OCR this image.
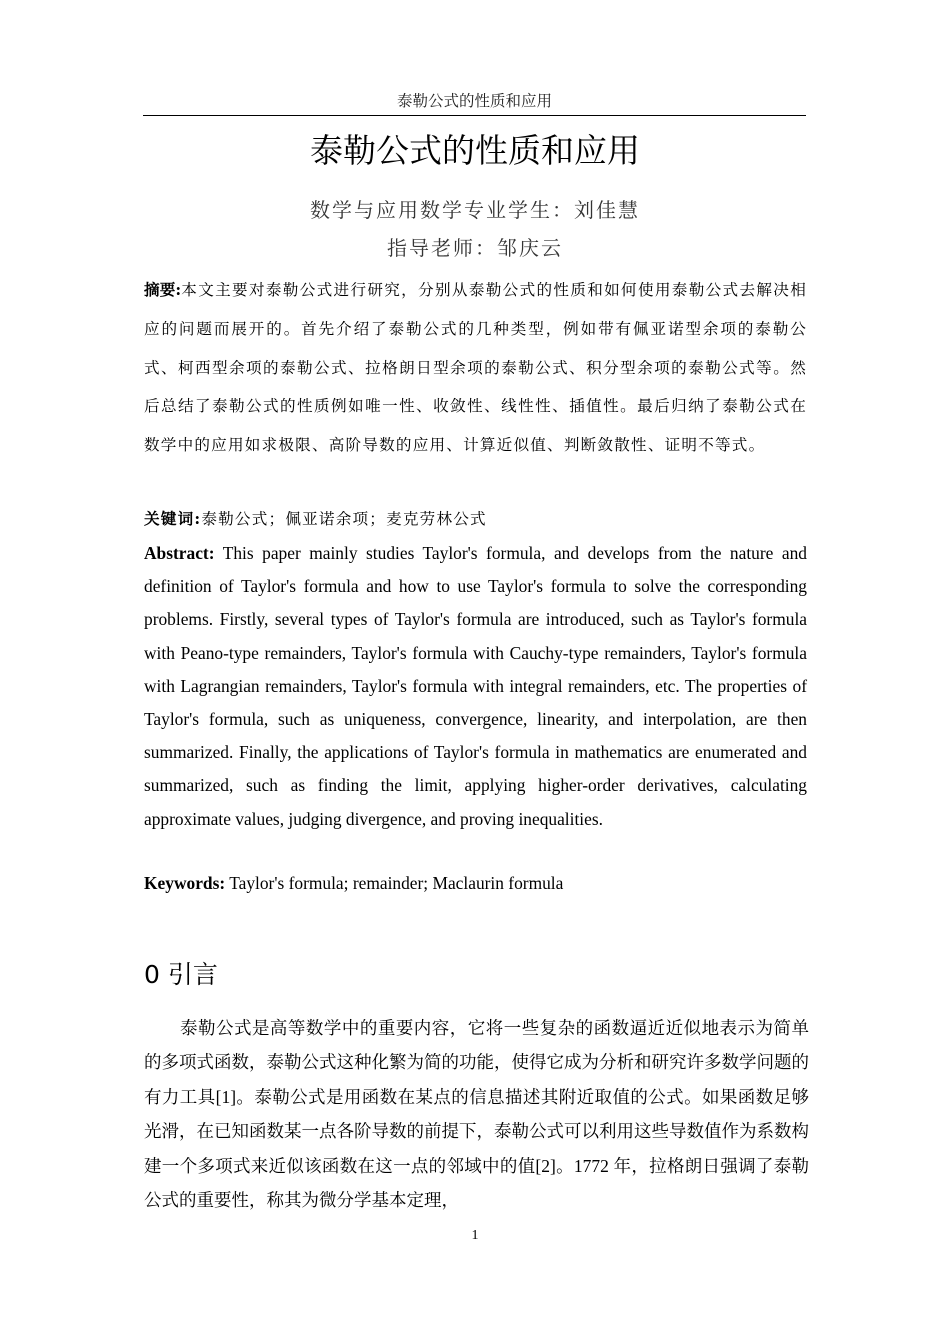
泰勒公式的性质和应用
泰勒公式的性质和应用
数学与应用数学专业学生：刘佳慧
指导老师：邹庆云
摘要:本文主要对泰勒公式进行研究，分别从泰勒公式的性质和如何使用泰勒公式去解决相应的问题而展开的。首先介绍了泰勒公式的几种类型，例如带有佩亚诺型余项的泰勒公式、柯西型余项的泰勒公式、拉格朗日型余项的泰勒公式、积分型余项的泰勒公式等。然后总结了泰勒公式的性质例如唯一性、收敛性、线性性、插值性。最后归纳了泰勒公式在数学中的应用如求极限、高阶导数的应用、计算近似值、判断敛散性、证明不等式。
关键词:泰勒公式；佩亚诺余项；麦克劳林公式
Abstract: This paper mainly studies Taylor's formula, and develops from the nature and definition of Taylor's formula and how to use Taylor's formula to solve the corresponding problems. Firstly, several types of Taylor's formula are introduced, such as Taylor's formula with Peano-type remainders, Taylor's formula with Cauchy-type remainders, Taylor's formula with Lagrangian remainders, Taylor's formula with integral remainders, etc. The properties of Taylor's formula, such as uniqueness, convergence, linearity, and interpolation, are then summarized. Finally, the applications of Taylor's formula in mathematics are enumerated and summarized, such as finding the limit, applying higher-order derivatives, calculating approximate values, judging divergence, and proving inequalities.
Keywords: Taylor's formula; remainder; Maclaurin formula
0 引言

泰勒公式是高等数学中的重要内容，它将一些复杂的函数逼近近似地表示为简单的多项式函数，泰勒公式这种化繁为简的功能，使得它成为分析和研究许多数学问题的有力工具[1]。泰勒公式是用函数在某点的信息描述其附近取值的公式。如果函数足够光滑，在已知函数某一点各阶导数的前提下，泰勒公式可以利用这些导数值作为系数构建一个多项式来近似该函数在这一点的邻域中的值[2]。1772 年，拉格朗日强调了泰勒公式的重要性，称其为微分学基本定理，

1
